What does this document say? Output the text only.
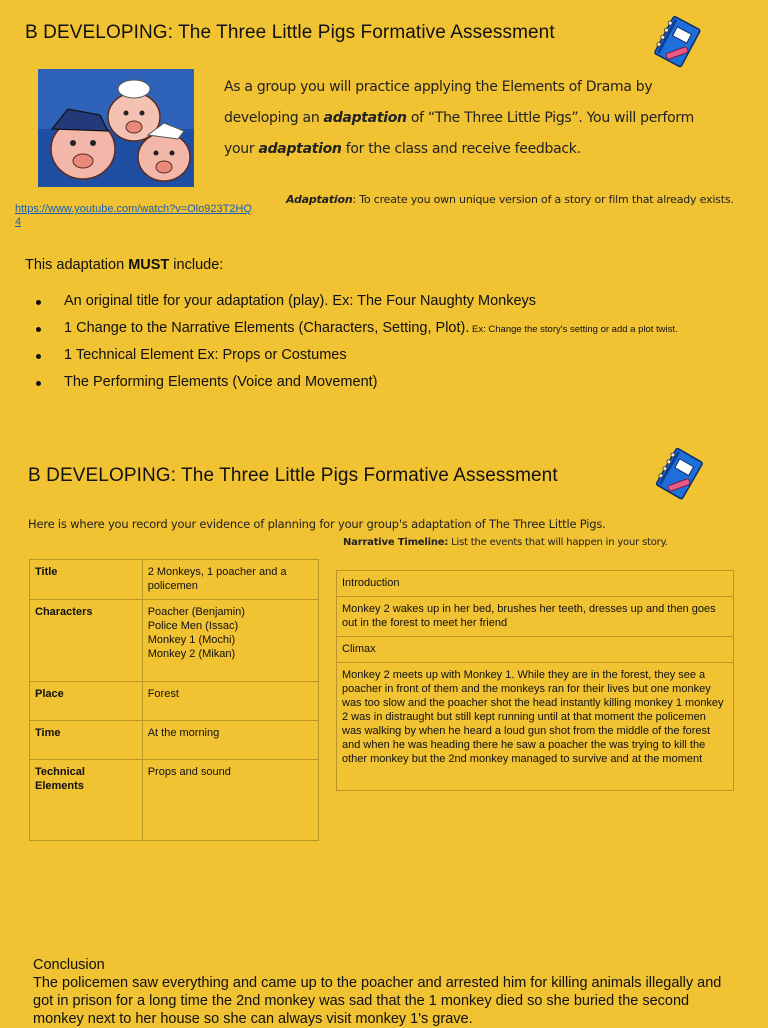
B DEVELOPING: The Three Little Pigs Formative Assessment
As a group you will practice applying the Elements of Drama by
developing an adaptation of “The Three Little Pigs”. You will perform
your adaptation for the class and receive feedback.
https://www.youtube.com/watch?v=Olo923T2HQ4
Adaptation: To create you own unique version of a story or film that already exists.
This adaptation MUST include:
An original title for your adaptation (play). Ex: The Four Naughty Monkeys
1 Change to the Narrative Elements (Characters, Setting, Plot). Ex: Change the story's setting or add a plot twist.
1 Technical Element Ex: Props or Costumes
The Performing Elements (Voice and Movement)
B DEVELOPING: The Three Little Pigs Formative Assessment
Here is where you record your evidence of planning for your group's adaptation of The Three Little Pigs.
Narrative Timeline: List the events that will happen in your story.
Title	2 Monkeys, 1 poacher and a policemen
Characters	Poacher (Benjamin)
Police Men (Issac)
Monkey 1 (Mochi)
Monkey 2 (Mikan)
Place	Forest
Time	At the morning
Technical Elements	Props and sound
Introduction
Monkey 2 wakes up in her bed, brushes her teeth, dresses up and then goes out in the forest to meet her friend
Climax
Monkey 2 meets up with Monkey 1. While they are in the forest, they see a poacher in front of them and the monkeys ran for their lives but one monkey was too slow and the poacher shot the head instantly killing monkey 1 monkey 2 was in distraught but still kept running until at that moment the policemen was walking by when he heard a loud gun shot from the middle of the forest and when he was heading there he saw a poacher the was trying to kill the other monkey but the 2nd monkey managed to survive and at the moment
Conclusion
The policemen saw everything and came up to the poacher and arrested him for killing animals illegally and got in prison for a long time the 2nd monkey was sad that the 1 monkey died so she buried the second monkey next to her house so she can always visit monkey 1's grave.
